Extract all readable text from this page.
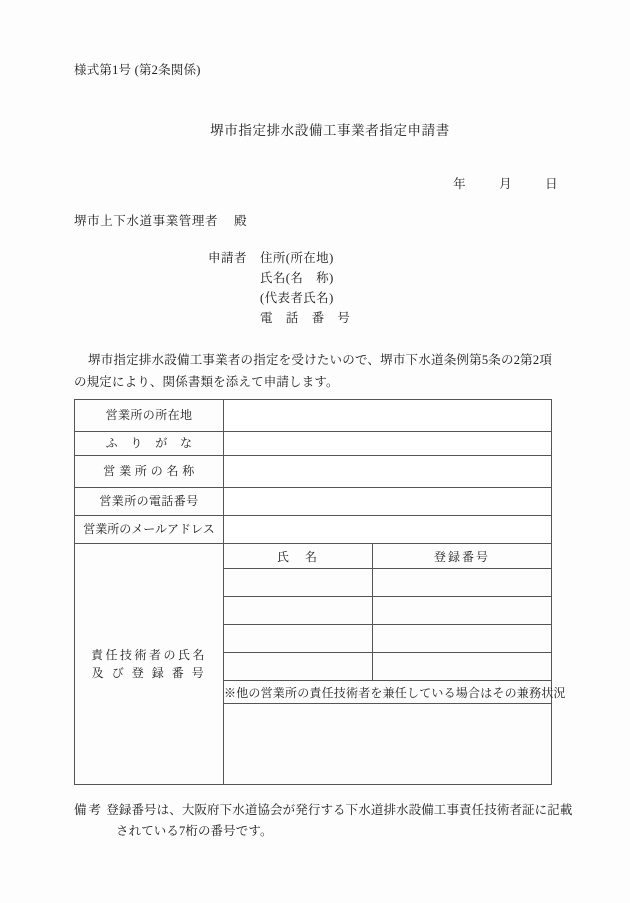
様式第1号 (第2条関係)
堺市指定排水設備工事業者指定申請書
年	月	日
堺市上下水道事業管理者 殿
申請者 住所(所在地)
氏名(名　称)
(代表者氏名)
電　話　番　号
堺市指定排水設備工事業者の指定を受けたいので、堺市下水道条例第5条の2第2項の規定により、関係書類を添えて申請します。
営業所の所在地	
ふ　り　が　な	
営 業 所 の 名 称	
営業所の電話番号	
営業所のメールアドレス	

責任技術者の氏名
及 び 登 録 番 号

氏　名	登録番号

※他の営業所の責任技術者を兼任している場合はその兼務状況

備考 登録番号は、大阪府下水道協会が発行する下水道排水設備工事責任技術者証に記載
されている7桁の番号です。
